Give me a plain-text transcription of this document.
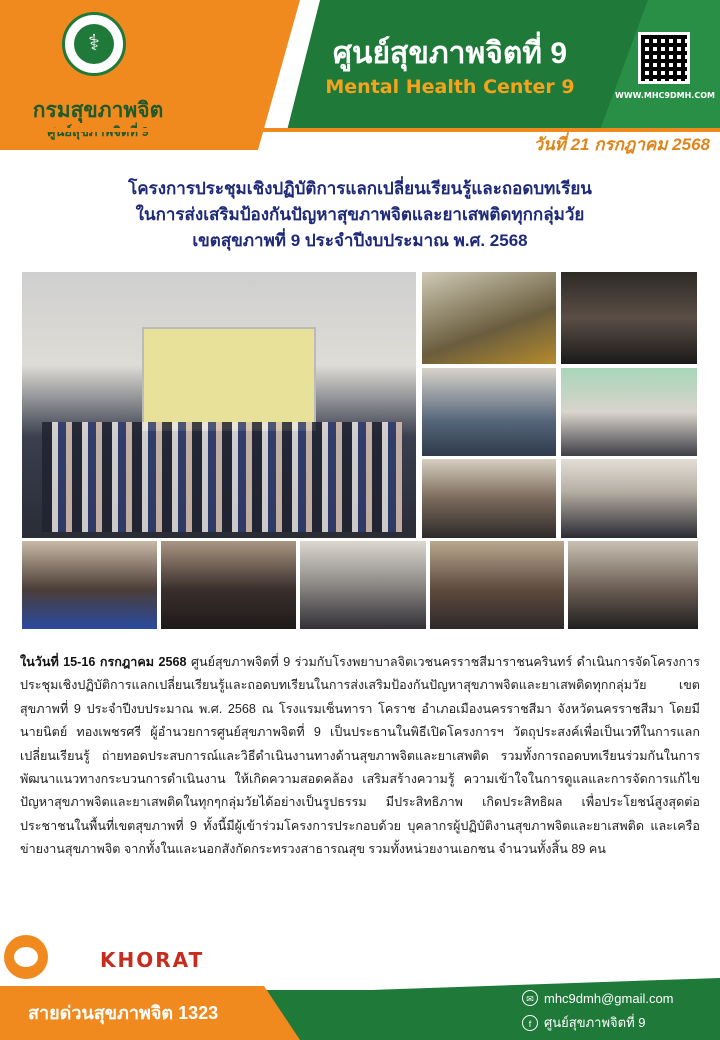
⚕
กรมสุขภาพจิต
ศูนย์สุขภาพจิตที่ 9
Mental Health Center 9	WWW.MHC9DMH.COM
วันที่ 21 กรกฎาคม 2568
โครงการประชุมเชิงปฏิบัติการแลกเปลี่ยนเรียนรู้และถอดบทเรียน
ในการส่งเสริมป้องกันปัญหาสุขภาพจิตและยาเสพติดทุกกลุ่มวัย
เขตสุขภาพที่ 9 ประจำปีงบประมาณ พ.ศ. 2568
ในวันที่ 15-16 กรกฎาคม 2568 ศูนย์สุขภาพจิตที่ 9 ร่วมกับโรงพยาบาลจิตเวชนครราชสีมาราชนครินทร์ ดำเนินการจัดโครงการประชุมเชิงปฏิบัติการแลกเปลี่ยนเรียนรู้และถอดบทเรียนในการส่งเสริมป้องกันปัญหาสุขภาพจิตและยาเสพติดทุกกลุ่มวัย เขตสุขภาพที่ 9 ประจำปีงบประมาณ พ.ศ. 2568 ณ โรงแรมเซ็นทารา โคราช อำเภอเมืองนครราชสีมา จังหวัดนครราชสีมา โดยมีนายนิตย์ ทองเพชรศรี ผู้อำนวยการศูนย์สุขภาพจิตที่ 9 เป็นประธานในพิธีเปิดโครงการฯ วัตถุประสงค์เพื่อเป็นเวทีในการแลกเปลี่ยนเรียนรู้ ถ่ายทอดประสบการณ์และวิธีดำเนินงานทางด้านสุขภาพจิตและยาเสพติด รวมทั้งการถอดบทเรียนร่วมกันในการพัฒนาแนวทางกระบวนการดำเนินงาน ให้เกิดความสอดคล้อง เสริมสร้างความรู้ ความเข้าใจในการดูแลและการจัดการแก้ไขปัญหาสุขภาพจิตและยาเสพติดในทุกๆกลุ่มวัยได้อย่างเป็นรูปธรรม มีประสิทธิภาพ เกิดประสิทธิผล เพื่อประโยชน์สูงสุดต่อประชาชนในพื้นที่เขตสุขภาพที่ 9 ทั้งนี้มีผู้เข้าร่วมโครงการประกอบด้วย บุคลากรผู้ปฏิบัติงานสุขภาพจิตและยาเสพติด และเครือข่ายงานสุขภาพจิต จากทั้งในและนอกสังกัดกระทรวงสาธารณสุข รวมทั้งหน่วยงานเอกชน จำนวนทั้งสิ้น 89 คน
KHORAT
สายด่วนสุขภาพจิต 1323
☎ 0-4425-6729
✉ mhc9dmh@gmail.com
f ศูนย์สุขภาพจิตที่ 9
